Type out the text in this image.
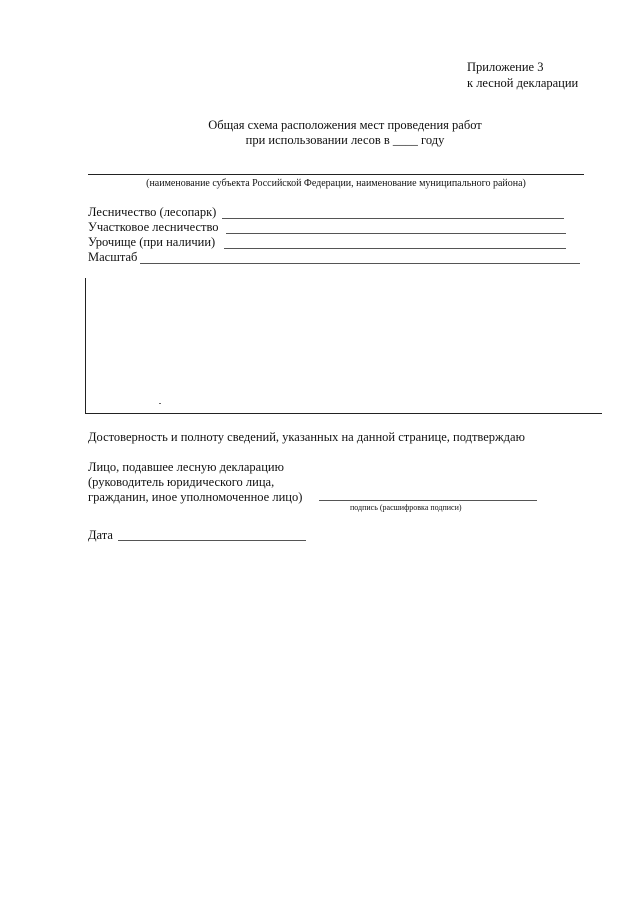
Приложение 3
к лесной декларации
Общая схема расположения мест проведения работ
при использовании лесов в ____ году
(наименование субъекта Российской Федерации, наименование муниципального района)
Лесничество (лесопарк)
Участковое лесничество
Урочище (при наличии)
Масштаб
Достоверность и полноту сведений, указанных на данной странице, подтверждаю
Лицо, подавшее лесную декларацию
(руководитель юридического лица,
гражданин, иное уполномоченное лицо)
подпись (расшифровка подписи)
Дата
